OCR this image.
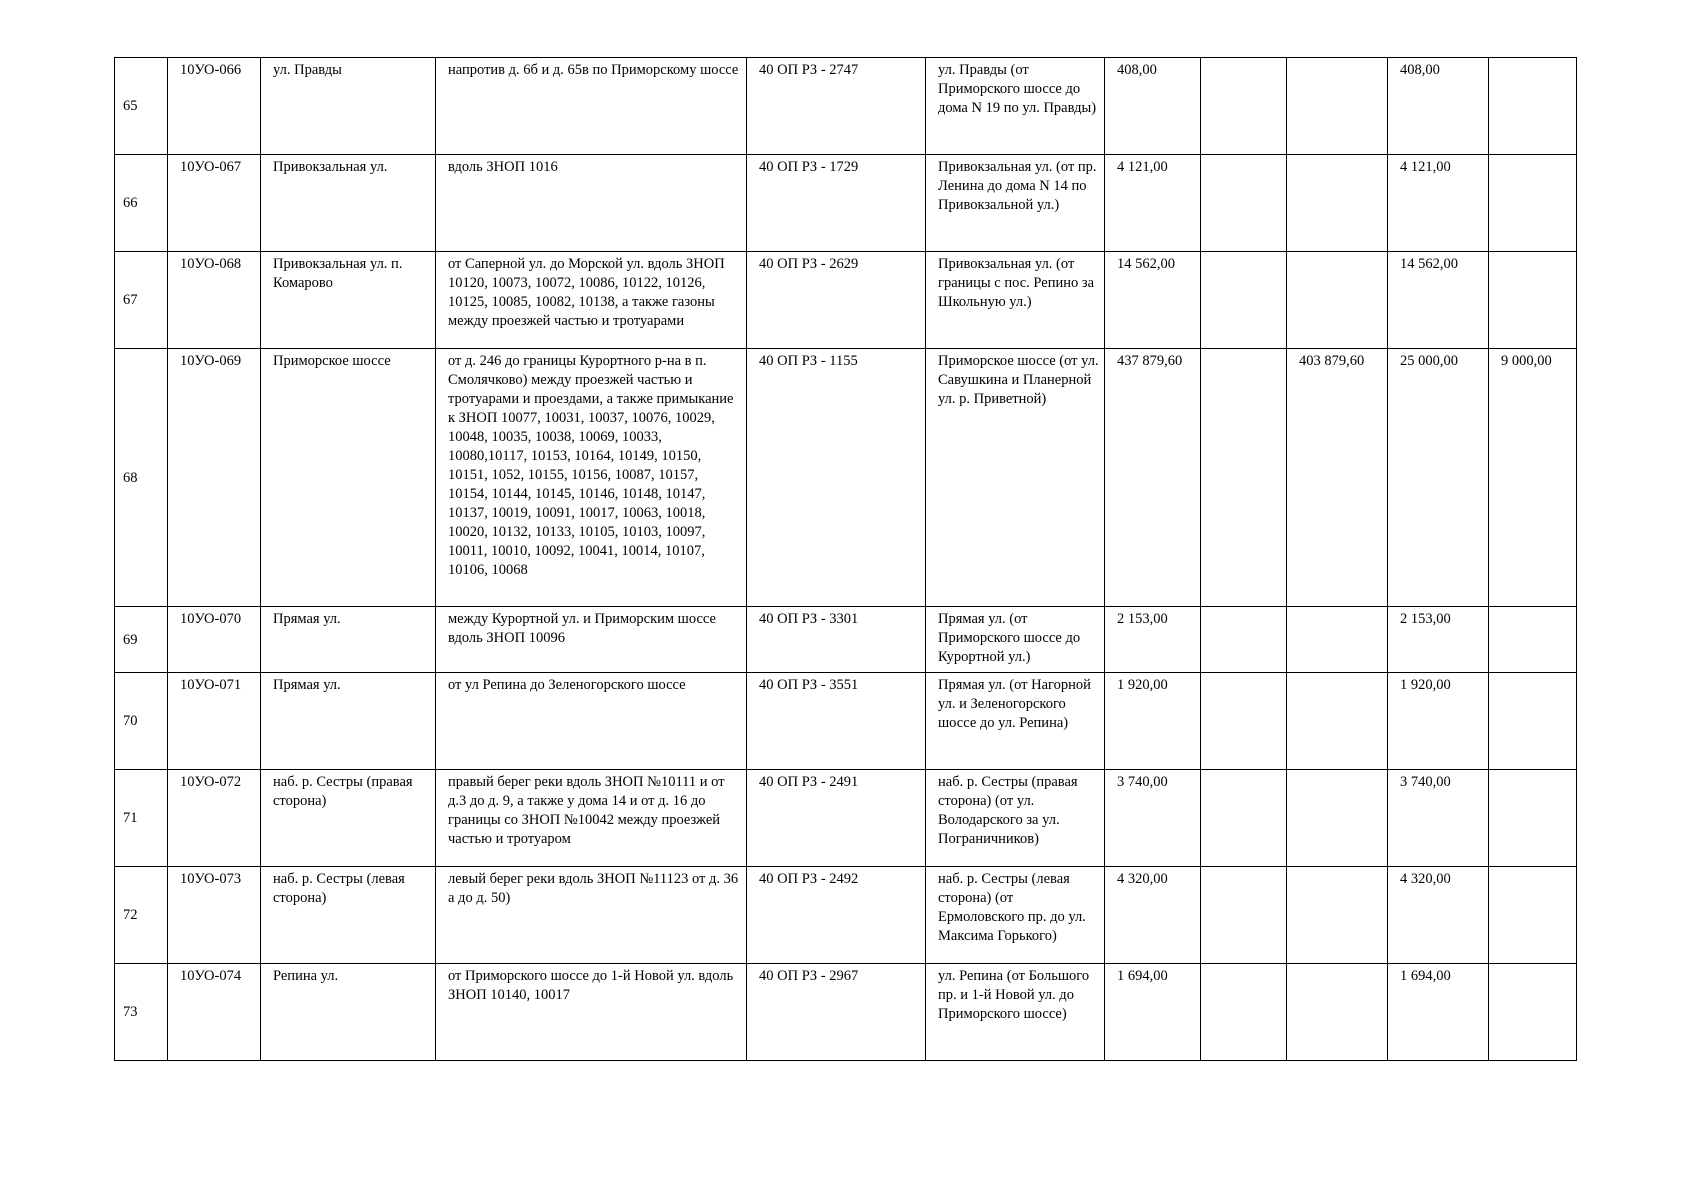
65	10УО-066	ул. Правды	напротив д. 6б и д. 65в по Приморскому шоссе	40 ОП РЗ - 2747	ул. Правды (от Приморского шоссе до дома N 19 по ул. Правды)	408,00			408,00	
66	10УО-067	Привокзальная ул.	вдоль ЗНОП 1016	40 ОП РЗ - 1729	Привокзальная ул. (от пр. Ленина до дома N 14 по Привокзальной ул.)	4 121,00			4 121,00	
67	10УО-068	Привокзальная ул. п. Комарово	от Саперной ул. до Морской ул. вдоль ЗНОП 10120, 10073, 10072, 10086, 10122, 10126, 10125, 10085, 10082, 10138, а также газоны между проезжей частью и тротуарами	40 ОП РЗ - 2629	Привокзальная ул. (от границы с пос. Репино за Школьную ул.)	14 562,00			14 562,00	
68	10УО-069	Приморское шоссе	от д. 246 до границы Курортного р-на в п. Смолячково) между проезжей частью и тротуарами и проездами, а также примыкание к ЗНОП 10077, 10031, 10037, 10076, 10029, 10048, 10035, 10038, 10069, 10033, 10080,10117, 10153, 10164, 10149, 10150, 10151, 1052, 10155, 10156, 10087, 10157, 10154, 10144, 10145, 10146, 10148, 10147, 10137, 10019, 10091, 10017, 10063, 10018, 10020, 10132, 10133, 10105, 10103, 10097, 10011, 10010, 10092, 10041, 10014, 10107, 10106, 10068	40 ОП РЗ - 1155	Приморское шоссе (от ул. Савушкина и Планерной ул. р. Приветной)	437 879,60		403 879,60	25 000,00	9 000,00
69	10УО-070	Прямая ул.	между Курортной ул. и Приморским шоссе вдоль ЗНОП 10096	40 ОП РЗ - 3301	Прямая ул. (от Приморского шоссе до Курортной ул.)	2 153,00			2 153,00	
70	10УО-071	Прямая ул.	от ул Репина до Зеленогорского шоссе	40 ОП РЗ - 3551	Прямая ул. (от Нагорной ул. и Зеленогорского шоссе до ул. Репина)	1 920,00			1 920,00	
71	10УО-072	наб. р. Сестры (правая сторона)	правый берег реки вдоль ЗНОП №10111 и от д.3 до д. 9, а также у дома 14 и от д. 16 до границы со ЗНОП №10042 между проезжей частью и тротуаром	40 ОП РЗ - 2491	наб. р. Сестры (правая сторона) (от ул. Володарского за ул. Пограничников)	3 740,00			3 740,00	
72	10УО-073	наб. р. Сестры (левая сторона)	левый берег реки вдоль ЗНОП №11123 от д. 36 а до д. 50)	40 ОП РЗ - 2492	наб. р. Сестры (левая сторона) (от Ермоловского пр. до ул. Максима Горького)	4 320,00			4 320,00	
73	10УО-074	Репина ул.	от Приморского шоссе до 1-й Новой ул. вдоль ЗНОП 10140, 10017	40 ОП РЗ - 2967	ул. Репина (от Большого пр. и 1-й Новой ул. до Приморского шоссе)	1 694,00			1 694,00	
